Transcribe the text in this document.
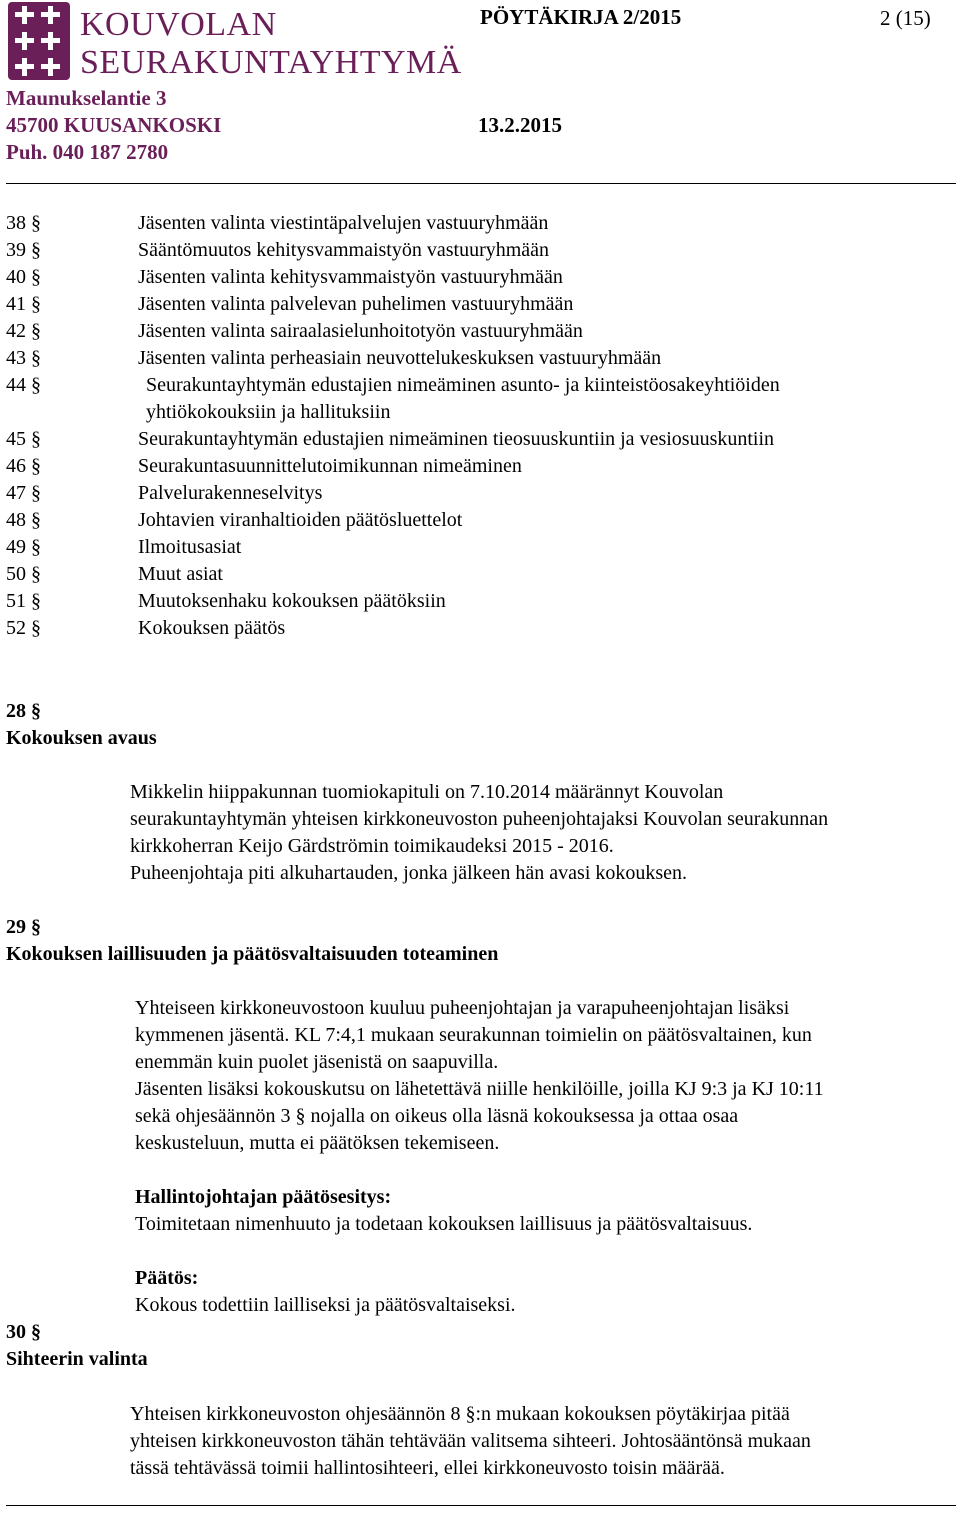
KOUVOLAN
SEURAKUNTAYHTYMÄ
PÖYTÄKIRJA 2/2015	2 (15)
Maunukselantie 3
45700 KUUSANKOSKI	13.2.2015
Puh. 040 187 2780
38 §	Jäsenten valinta viestintäpalvelujen vastuuryhmään
39 §	Sääntömuutos kehitysvammaistyön vastuuryhmään
40 §	Jäsenten valinta kehitysvammaistyön vastuuryhmään
41 §	Jäsenten valinta palvelevan puhelimen vastuuryhmään
42 §	Jäsenten valinta sairaalasielunhoitotyön vastuuryhmään
43 §	Jäsenten valinta perheasiain neuvottelukeskuksen vastuuryhmään
44 §	Seurakuntayhtymän edustajien nimeäminen asunto- ja kiinteistöosakeyhtiöiden
yhtiökokouksiin ja hallituksiin
45 §	Seurakuntayhtymän edustajien nimeäminen tieosuuskuntiin ja vesiosuuskuntiin
46 §	Seurakuntasuunnittelutoimikunnan nimeäminen
47 §	Palvelurakenneselvitys
48 §	Johtavien viranhaltioiden päätösluettelot
49 §	Ilmoitusasiat
50 §	Muut asiat
51 §	Muutoksenhaku kokouksen päätöksiin
52 §	Kokouksen päätös
28 §
Kokouksen avaus
Mikkelin hiippakunnan tuomiokapituli on 7.10.2014 määrännyt Kouvolan
seurakuntayhtymän yhteisen kirkkoneuvoston puheenjohtajaksi Kouvolan seurakunnan
kirkkoherran Keijo Gärdströmin toimikaudeksi 2015 - 2016.
Puheenjohtaja piti alkuhartauden, jonka jälkeen hän avasi kokouksen.
29 §
Kokouksen laillisuuden ja päätösvaltaisuuden toteaminen
Yhteiseen kirkkoneuvostoon kuuluu puheenjohtajan ja varapuheenjohtajan lisäksi
kymmenen jäsentä. KL 7:4,1 mukaan seurakunnan toimielin on päätösvaltainen, kun
enemmän kuin puolet jäsenistä on saapuvilla.
Jäsenten lisäksi kokouskutsu on lähetettävä niille henkilöille, joilla KJ 9:3 ja KJ 10:11
sekä ohjesäännön 3 § nojalla on oikeus olla läsnä kokouksessa ja ottaa osaa
keskusteluun, mutta ei päätöksen tekemiseen.
Hallintojohtajan päätösesitys:
Toimitetaan nimenhuuto ja todetaan kokouksen laillisuus ja päätösvaltaisuus.
Päätös:
Kokous todettiin lailliseksi ja päätösvaltaiseksi.
30 §
Sihteerin valinta
Yhteisen kirkkoneuvoston ohjesäännön 8 §:n mukaan kokouksen pöytäkirjaa pitää
yhteisen kirkkoneuvoston tähän tehtävään valitsema sihteeri. Johtosääntönsä mukaan
tässä tehtävässä toimii hallintosihteeri, ellei kirkkoneuvosto toisin määrää.
